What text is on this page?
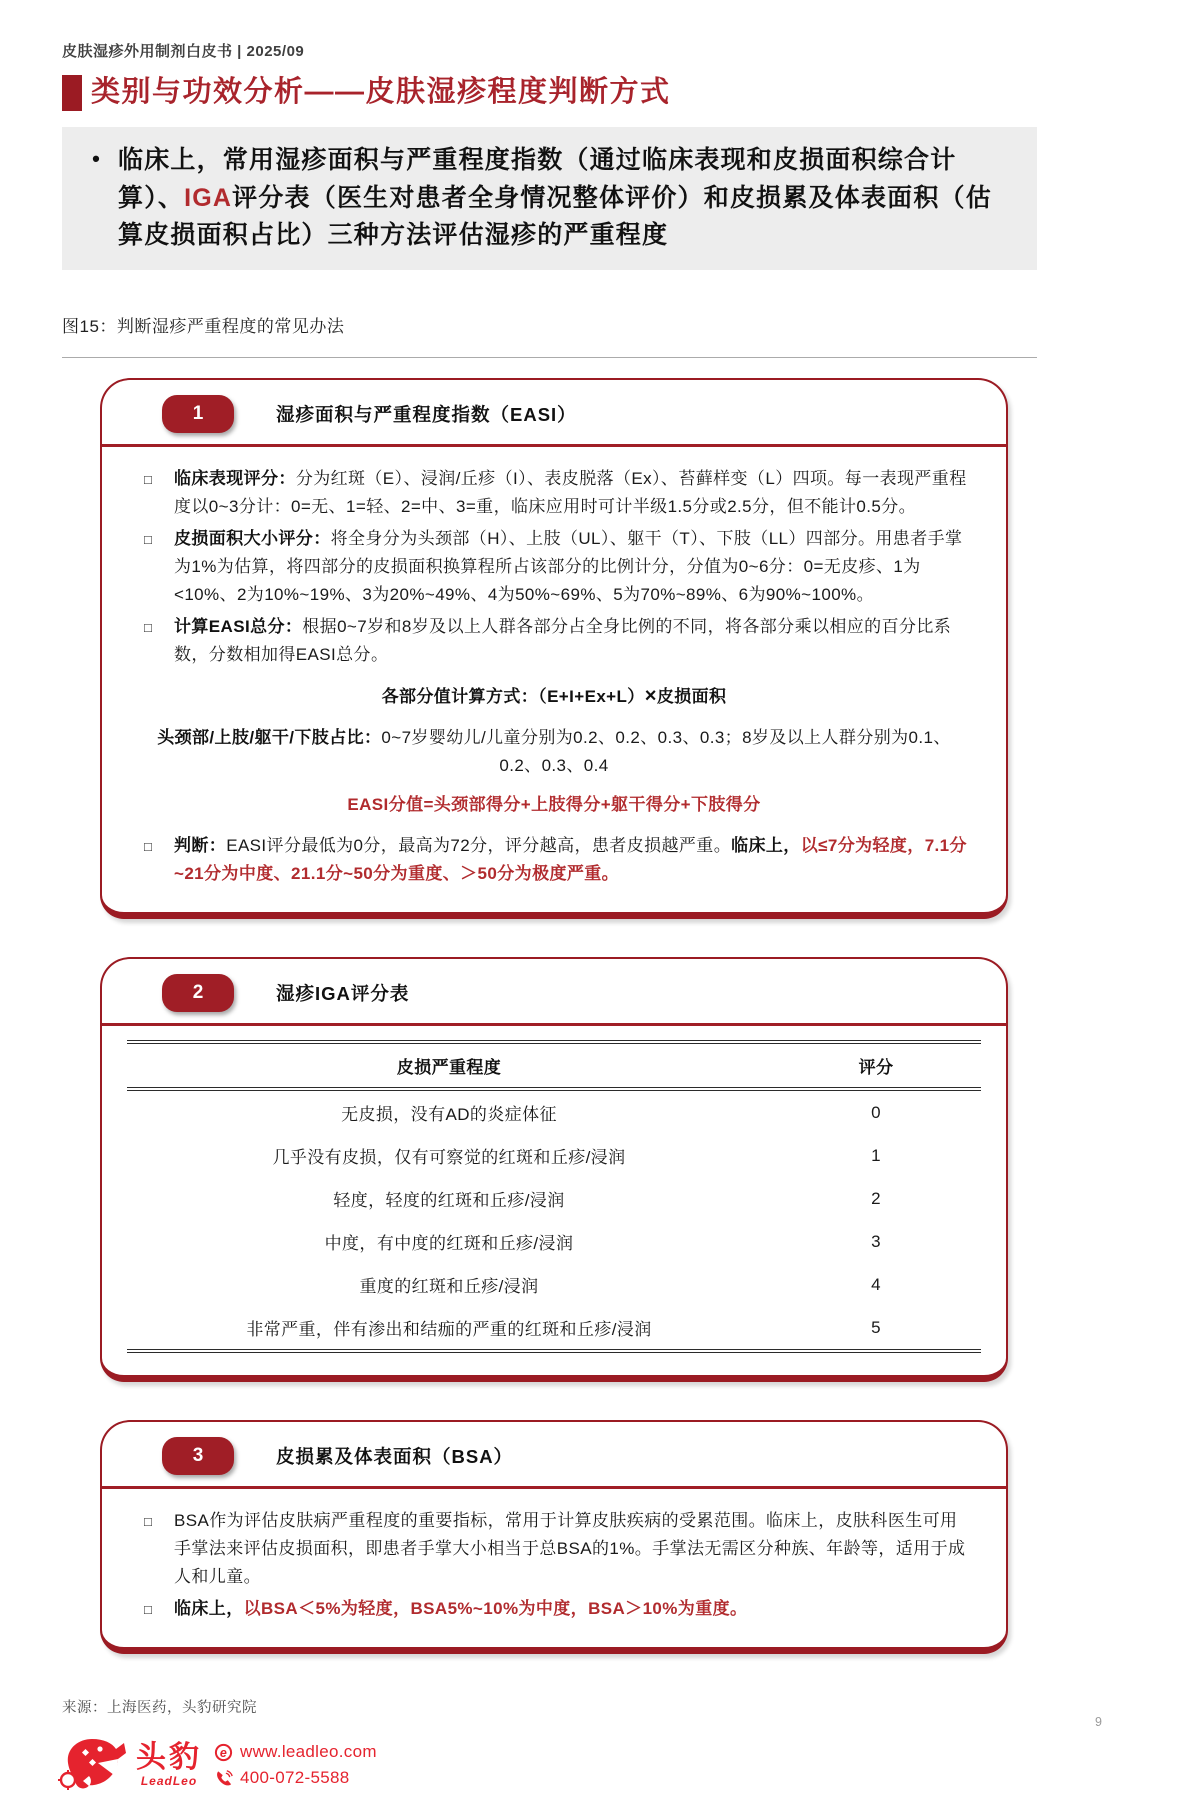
皮肤湿疹外用制剂白皮书 | 2025/09
类别与功效分析——皮肤湿疹程度判断方式
• 临床上，常用湿疹面积与严重程度指数（通过临床表现和皮损面积综合计算）、IGA评分表（医生对患者全身情况整体评价）和皮损累及体表面积（估算皮损面积占比）三种方法评估湿疹的严重程度
图15：判断湿疹严重程度的常见办法
1	湿疹面积与严重程度指数（EASI）
□	临床表现评分：分为红斑（E）、浸润/丘疹（I）、表皮脱落（Ex）、苔藓样变（L）四项。每一表现严重程度以0~3分计：0=无、1=轻、2=中、3=重，临床应用时可计半级1.5分或2.5分，但不能计0.5分。
□	皮损面积大小评分：将全身分为头颈部（H）、上肢（UL）、躯干（T）、下肢（LL）四部分。用患者手掌为1%为估算，将四部分的皮损面积换算程所占该部分的比例计分，分值为0~6分：0=无皮疹、1为<10%、2为10%~19%、3为20%~49%、4为50%~69%、5为70%~89%、6为90%~100%。
□	计算EASI总分：根据0~7岁和8岁及以上人群各部分占全身比例的不同，将各部分乘以相应的百分比系数，分数相加得EASI总分。
各部分值计算方式：（E+I+Ex+L）×皮损面积
头颈部/上肢/躯干/下肢占比：0~7岁婴幼儿/儿童分别为0.2、0.2、0.3、0.3；8岁及以上人群分别为0.1、0.2、0.3、0.4
EASI分值=头颈部得分+上肢得分+躯干得分+下肢得分
□	判断：EASI评分最低为0分，最高为72分，评分越高，患者皮损越严重。临床上，以≤7分为轻度，7.1分~21分为中度、21.1分~50分为重度、＞50分为极度严重。
2	湿疹IGA评分表
皮损严重程度	评分
无皮损，没有AD的炎症体征	0
几乎没有皮损，仅有可察觉的红斑和丘疹/浸润	1
轻度，轻度的红斑和丘疹/浸润	2
中度，有中度的红斑和丘疹/浸润	3
重度的红斑和丘疹/浸润	4
非常严重，伴有渗出和结痂的严重的红斑和丘疹/浸润	5
3	皮损累及体表面积（BSA）
□	BSA作为评估皮肤病严重程度的重要指标，常用于计算皮肤疾病的受累范围。临床上，皮肤科医生可用手掌法来评估皮损面积，即患者手掌大小相当于总BSA的1%。手掌法无需区分种族、年龄等，适用于成人和儿童。
□	临床上，以BSA＜5%为轻度，BSA5%~10%为中度，BSA＞10%为重度。
来源：上海医药，头豹研究院
头豹
LeadLeo
e www.leadleo.com
400-072-5588
9
